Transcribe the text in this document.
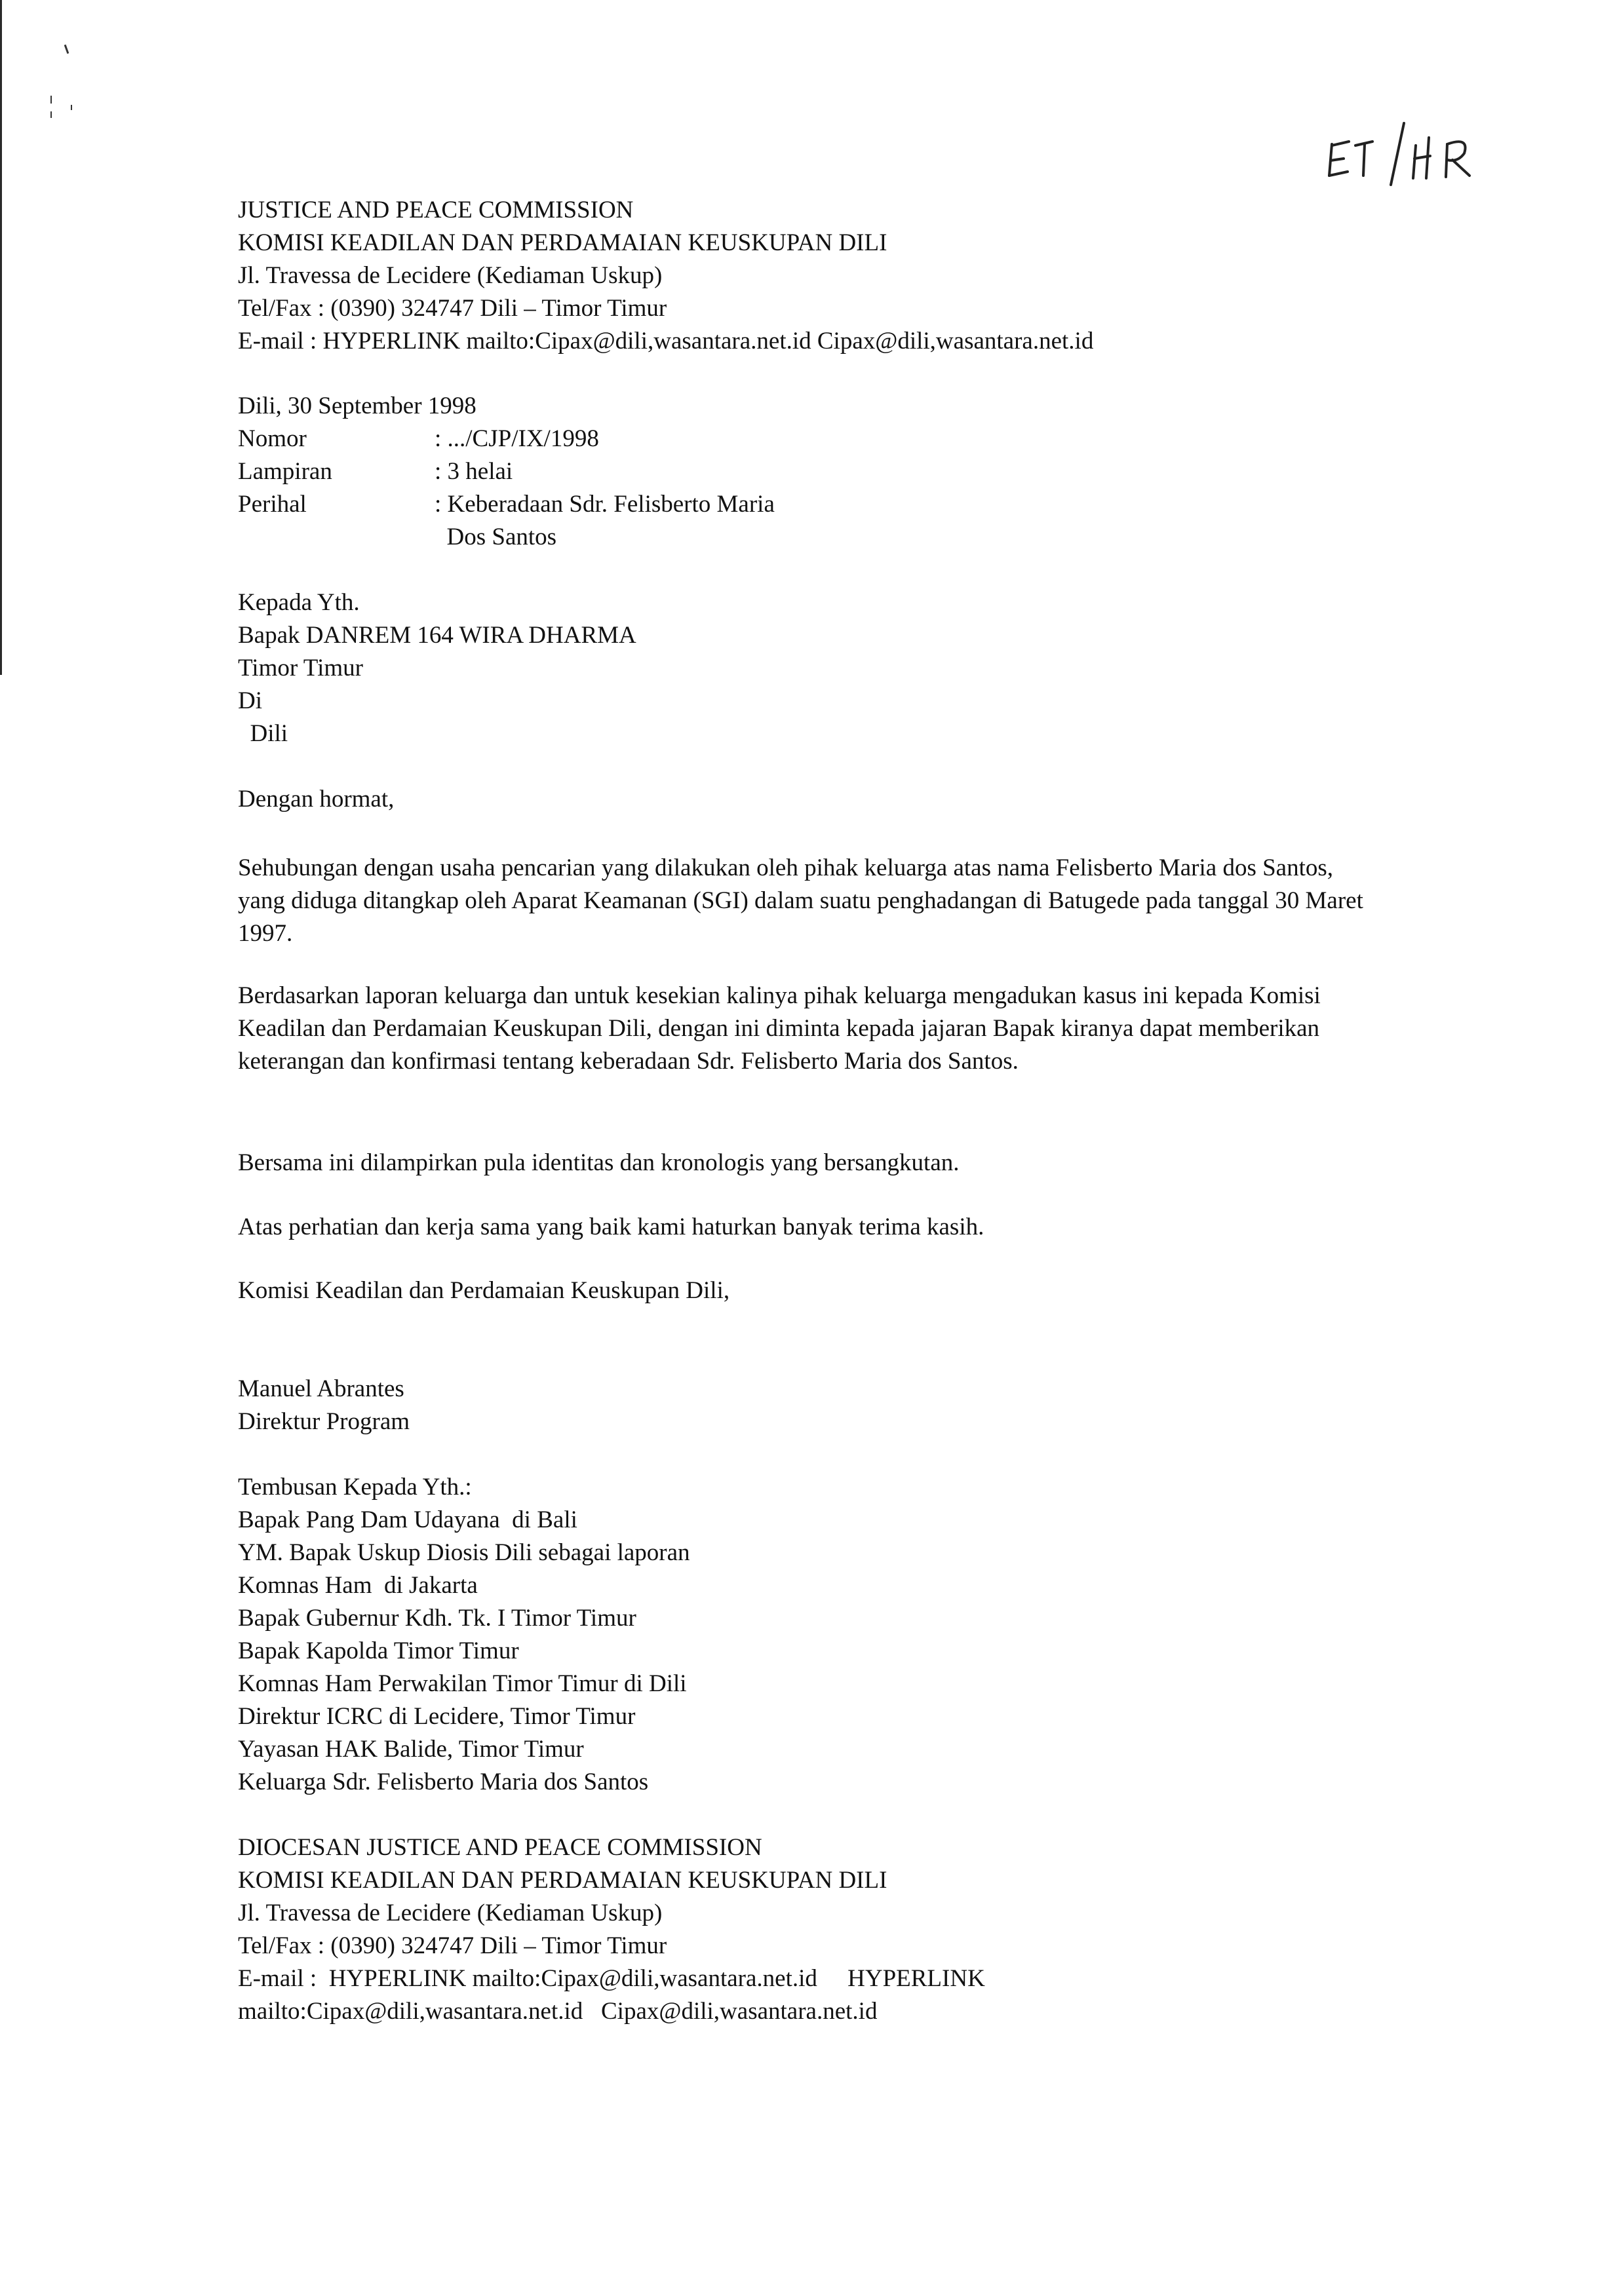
JUSTICE AND PEACE COMMISSION
KOMISI KEADILAN DAN PERDAMAIAN KEUSKUPAN DILI
Jl. Travessa de Lecidere (Kediaman Uskup)
Tel/Fax : (0390) 324747 Dili – Timor Timur
E-mail : HYPERLINK mailto:Cipax@dili,wasantara.net.id Cipax@dili,wasantara.net.id
Dili, 30 September 1998
Nomor	: .../CJP/IX/1998
Lampiran	: 3 helai
Perihal	: Keberadaan Sdr. Felisberto Maria
Dos Santos
Kepada Yth.
Bapak DANREM 164 WIRA DHARMA
Timor Timur
Di
Dili
Dengan hormat,
Sehubungan dengan usaha pencarian yang dilakukan oleh pihak keluarga atas nama Felisberto Maria dos Santos, yang diduga ditangkap oleh Aparat Keamanan (SGI) dalam suatu penghadangan di Batugede pada tanggal 30 Maret 1997.
Berdasarkan laporan keluarga dan untuk kesekian kalinya pihak keluarga mengadukan kasus ini kepada Komisi Keadilan dan Perdamaian Keuskupan Dili, dengan ini diminta kepada jajaran Bapak kiranya dapat memberikan keterangan dan konfirmasi tentang keberadaan Sdr. Felisberto Maria dos Santos.
Bersama ini dilampirkan pula identitas dan kronologis yang bersangkutan.
Atas perhatian dan kerja sama yang baik kami haturkan banyak terima kasih.
Komisi Keadilan dan Perdamaian Keuskupan Dili,
Manuel Abrantes
Direktur Program
Tembusan Kepada Yth.:
Bapak Pang Dam Udayana  di Bali
YM. Bapak Uskup Diosis Dili sebagai laporan
Komnas Ham  di Jakarta
Bapak Gubernur Kdh. Tk. I Timor Timur
Bapak Kapolda Timor Timur
Komnas Ham Perwakilan Timor Timur di Dili
Direktur ICRC di Lecidere, Timor Timur
Yayasan HAK Balide, Timor Timur
Keluarga Sdr. Felisberto Maria dos Santos
DIOCESAN JUSTICE AND PEACE COMMISSION
KOMISI KEADILAN DAN PERDAMAIAN KEUSKUPAN DILI
Jl. Travessa de Lecidere (Kediaman Uskup)
Tel/Fax : (0390) 324747 Dili – Timor Timur
E-mail :  HYPERLINK mailto:Cipax@dili,wasantara.net.id     HYPERLINK
mailto:Cipax@dili,wasantara.net.id   Cipax@dili,wasantara.net.id
